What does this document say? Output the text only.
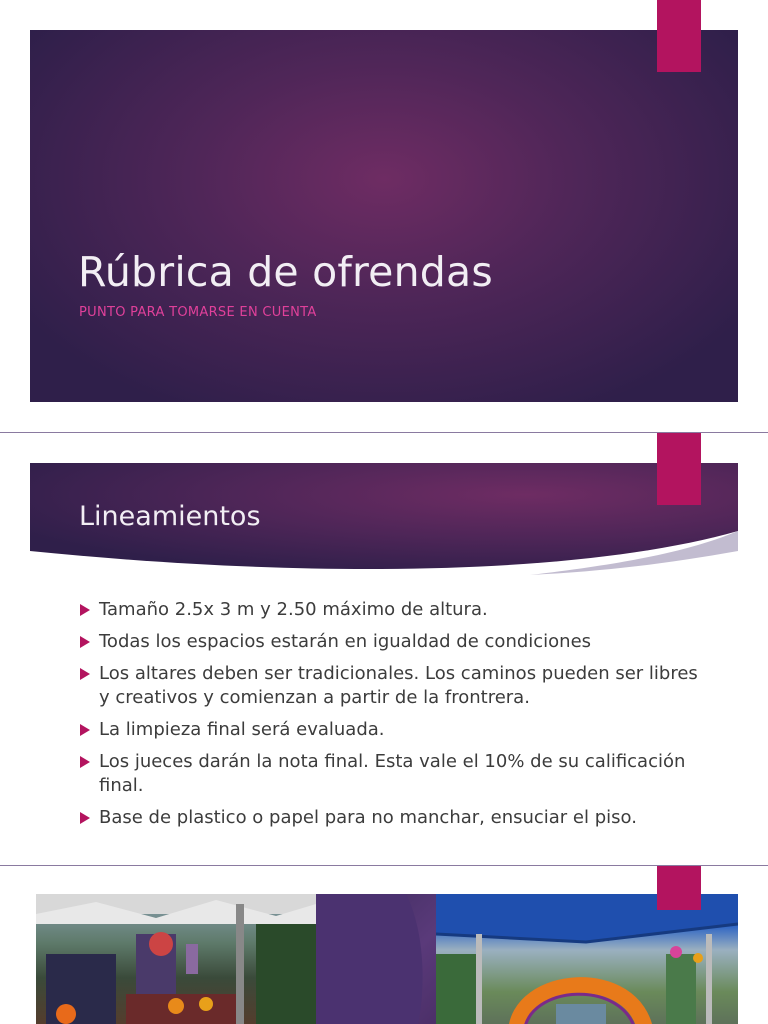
Rúbrica de ofrendas
PUNTO PARA TOMARSE EN CUENTA
Lineamientos
Tamaño 2.5x 3 m y 2.50 máximo de altura.
Todas los espacios estarán en igualdad de condiciones
Los altares deben ser tradicionales. Los caminos pueden ser libres y creativos y comienzan a partir de la frontrera.
La limpieza final será evaluada.
Los jueces darán la nota final. Esta vale el 10% de su calificación final.
Base de plastico o papel para no manchar, ensuciar el piso.
